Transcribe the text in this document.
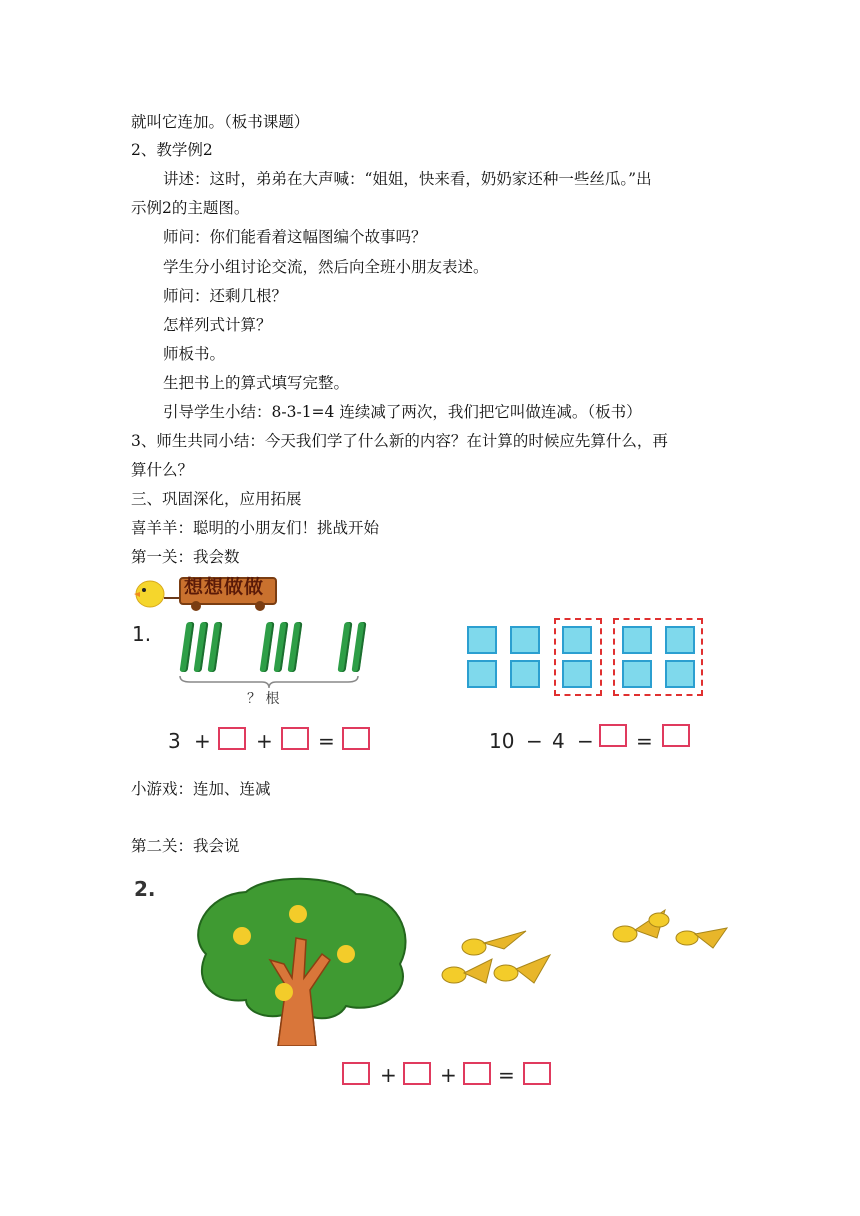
就叫它连加。（板书课题）
2、教学例2
讲述：这时，弟弟在大声喊：“姐姐，快来看，奶奶家还种一些丝瓜。”出
示例2的主题图。
师问：你们能看着这幅图编个故事吗？
学生分小组讨论交流，然后向全班小朋友表述。
师问：还剩几根？
怎样列式计算？
师板书。
生把书上的算式填写完整。
引导学生小结：8-3-1=4 连续减了两次，我们把它叫做连减。（板书）
3、师生共同小结：今天我们学了什么新的内容？在计算的时候应先算什么，再
算什么？
三、巩固深化，应用拓展
喜羊羊：聪明的小朋友们！挑战开始
第一关：我会数
想想做做
1.
？ 根
3 + + =	10 − 4 − =
小游戏：连加、连减
第二关：我会说
2.
+ + =
